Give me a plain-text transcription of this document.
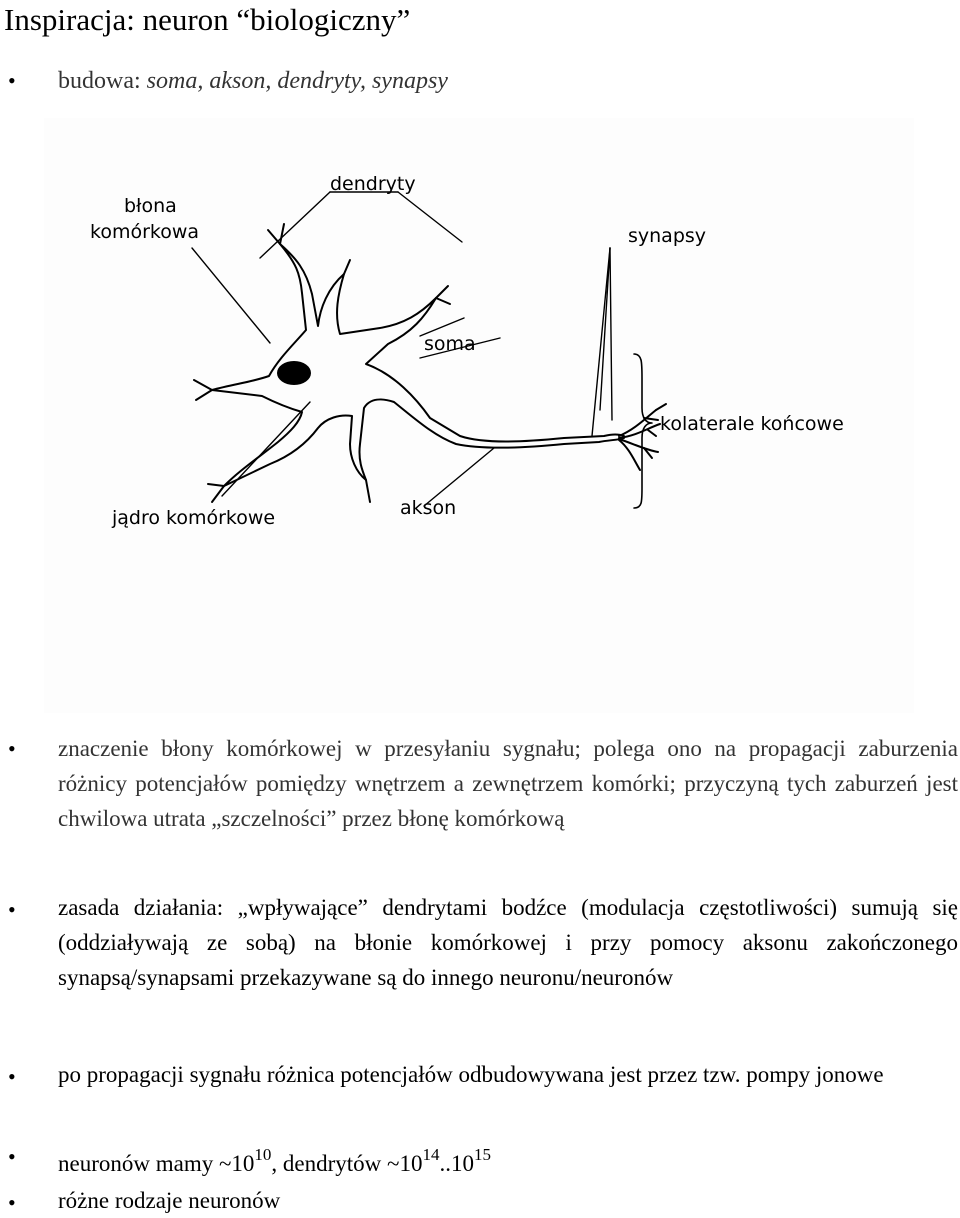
Inspiracja: neuron “biologiczny”
• budowa: soma, akson, dendryty, synapsy
błona
komórkowa
dendryty
synapsy
soma
kolaterale końcowe
jądro komórkowe	akson
• znaczenie błony komórkowej w przesyłaniu sygnału; polega ono na propagacji zaburzenia różnicy potencjałów pomiędzy wnętrzem a zewnętrzem komórki; przyczyną tych zaburzeń jest chwilowa utrata „szczelności” przez błonę komórkową
• zasada działania: „wpływające” dendrytami bodźce (modulacja częstotliwości) sumują się (oddziaływają ze sobą) na błonie komórkowej i przy pomocy aksonu zakończonego synapsą/synapsami przekazywane są do innego neuronu/neuronów
• po propagacji sygnału różnica potencjałów odbudowywana jest przez tzw. pompy jonowe
• neuronów mamy $\sim 10^{10}$, dendrytów $\sim 10^{14}..10^{15}$
• różne rodzaje neuronów
